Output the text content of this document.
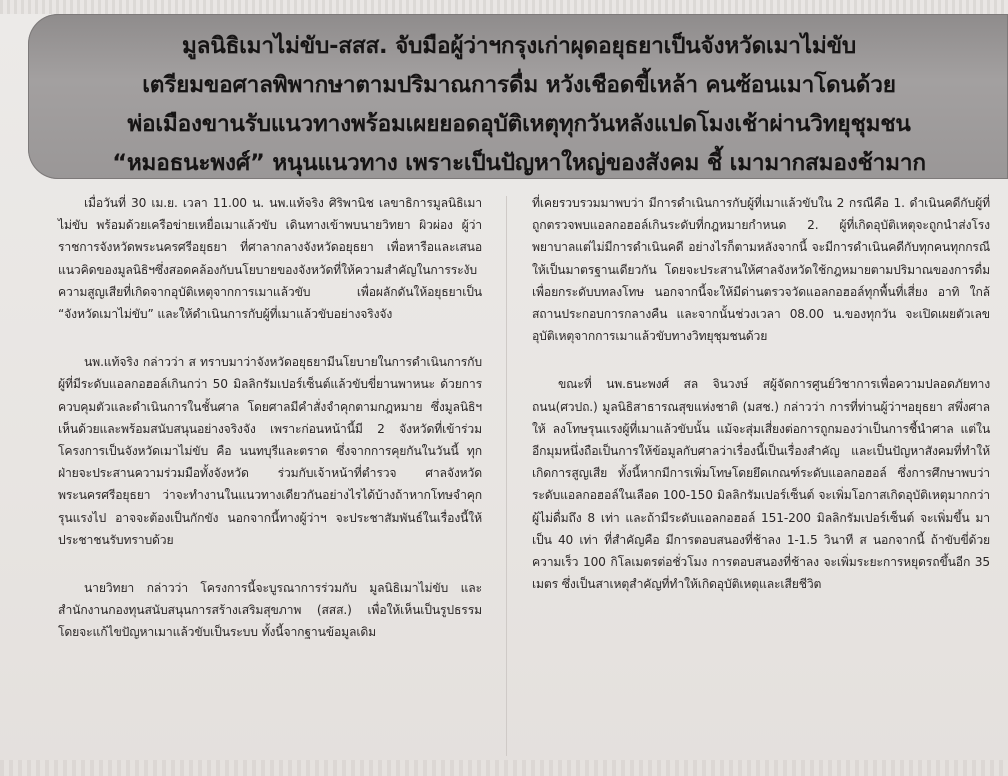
มูลนิธิเมาไม่ขับ-สสส. จับมือผู้ว่าฯกรุงเก่าผุดอยุธยาเป็นจังหวัดเมาไม่ขับ
เตรียมขอศาลพิพากษาตามปริมาณการดื่ม หวังเชือดขี้เหล้า คนซ้อนเมาโดนด้วย
พ่อเมืองขานรับแนวทางพร้อมเผยยอดอุบัติเหตุทุกวันหลังแปดโมงเช้าผ่านวิทยุชุมชน
“หมอธนะพงศ์” หนุนแนวทาง เพราะเป็นปัญหาใหญ่ของสังคม ชี้ เมามากสมองช้ามาก

เมื่อวันที่ 30 เม.ย. เวลา 11.00 น. นพ.แท้จริง ศิริพานิช เลขาธิการมูลนิธิเมาไม่ขับ พร้อมด้วยเครือข่ายเหยื่อเมาแล้วขับ เดินทางเข้าพบนายวิทยา ผิวผ่อง ผู้ว่าราชการจังหวัดพระนครศรีอยุธยา ที่ศาลากลางจังหวัดอยุธยา เพื่อหารือและเสนอแนวคิดของมูลนิธิฯซึ่งสอดคล้องกับนโยบายของจังหวัดที่ให้ความสำคัญในการระงับความสูญเสียที่เกิดจากอุบัติเหตุจากการเมาแล้วขับ เพื่อผลักดันให้อยุธยาเป็น “จังหวัดเมาไม่ขับ” และให้ดำเนินการกับผู้ที่เมาแล้วขับอย่างจริงจัง

นพ.แท้จริง กล่าวว่า ส ทราบมาว่าจังหวัดอยุธยามีนโยบายในการดำเนินการกับผู้ที่มีระดับแอลกอฮอล์เกินกว่า 50 มิลลิกรัมเปอร์เซ็นต์แล้วขับขี่ยานพาหนะ ด้วยการควบคุมตัวและดำเนินการในชั้นศาล โดยศาลมีคำสั่งจำคุกตามกฎหมาย ซึ่งมูลนิธิฯ เห็นด้วยและพร้อมสนับสนุนอย่างจริงจัง เพราะก่อนหน้านี้มี 2 จังหวัดที่เข้าร่วมโครงการเป็นจังหวัดเมาไม่ขับ คือ นนทบุรีและตราด ซึ่งจากการคุยกันในวันนี้ ทุกฝ่ายจะประสานความร่วมมือทั้งจังหวัด ร่วมกับเจ้าหน้าที่ตำรวจ ศาลจังหวัดพระนครศรีอยุธยา ว่าจะทำงานในแนวทางเดียวกันอย่างไรได้บ้างถ้าหากโทษจำคุกรุนแรงไป อาจจะต้องเป็นกักขัง นอกจากนี้ทางผู้ว่าฯ จะประชาสัมพันธ์ในเรื่องนี้ให้ประชาชนรับทราบด้วย

นายวิทยา กล่าวว่า โครงการนี้จะบูรณาการร่วมกับ มูลนิธิเมาไม่ขับ และสำนักงานกองทุนสนับสนุนการสร้างเสริมสุขภาพ (สสส.) เพื่อให้เห็นเป็นรูปธรรม โดยจะแก้ไขปัญหาเมาแล้วขับเป็นระบบ ทั้งนี้จากฐานข้อมูลเดิม

ที่เคยรวบรวมมาพบว่า มีการดำเนินการกับผู้ที่เมาแล้วขับใน 2 กรณีคือ 1. ดำเนินคดีกับผู้ที่ถูกตรวจพบแอลกอฮอล์เกินระดับที่กฎหมายกำหนด 2. ผู้ที่เกิดอุบัติเหตุจะถูกนำส่งโรงพยาบาลแต่ไม่มีการดำเนินคดี อย่างไรก็ตามหลังจากนี้ จะมีการดำเนินคดีกับทุกคนทุกกรณีให้เป็นมาตรฐานเดียวกัน โดยจะประสานให้ศาลจังหวัดใช้กฎหมายตามปริมาณของการดื่มเพื่อยกระดับบทลงโทษ นอกจากนี้จะให้มีด่านตรวจวัดแอลกอฮอล์ทุกพื้นที่เสี่ยง อาทิ ใกล้สถานประกอบการกลางคืน และจากนั้นช่วงเวลา 08.00 น.ของทุกวัน จะเปิดเผยตัวเลขอุบัติเหตุจากการเมาแล้วขับทางวิทยุชุมชนด้วย

ขณะที่ นพ.ธนะพงศ์ สล จินวงษ์ สผู้จัดการศูนย์วิชาการเพื่อความปลอดภัยทางถนน(ศวปถ.) มูลนิธิสาธารณสุขแห่งชาติ (มสช.) กล่าวว่า การที่ท่านผู้ว่าฯอยุธยา สพึ่งศาลให้ ลงโทษรุนแรงผู้ที่เมาแล้วขับนั้น แม้จะสุ่มเสี่ยงต่อการถูกมองว่าเป็นการชี้นำศาล แต่ในอีกมุมหนึ่งถือเป็นการให้ข้อมูลกับศาลว่าเรื่องนี้เป็นเรื่องสำคัญ และเป็นปัญหาสังคมที่ทำให้เกิดการสูญเสีย ทั้งนี้หากมีการเพิ่มโทษโดยยึดเกณฑ์ระดับแอลกอฮอล์ ซึ่งการศึกษาพบว่าระดับแอลกอฮอล์ในเลือด 100-150 มิลลิกรัมเปอร์เซ็นต์ จะเพิ่มโอกาสเกิดอุบัติเหตุมากกว่าผู้ไม่ดื่มถึง 8 เท่า และถ้ามีระดับแอลกอฮอล์ 151-200 มิลลิกรัมเปอร์เซ็นต์ จะเพิ่มขึ้น มาเป็น 40 เท่า ที่สำคัญคือ มีการตอบสนองที่ช้าลง 1-1.5 วินาที ส นอกจากนี้ ถ้าขับขี่ด้วยความเร็ว 100 กิโลเมตรต่อชั่วโมง การตอบสนองที่ช้าลง จะเพิ่มระยะการหยุดรถขึ้นอีก 35 เมตร ซึ่งเป็นสาเหตุสำคัญที่ทำให้เกิดอุบัติเหตุและเสียชีวิต
